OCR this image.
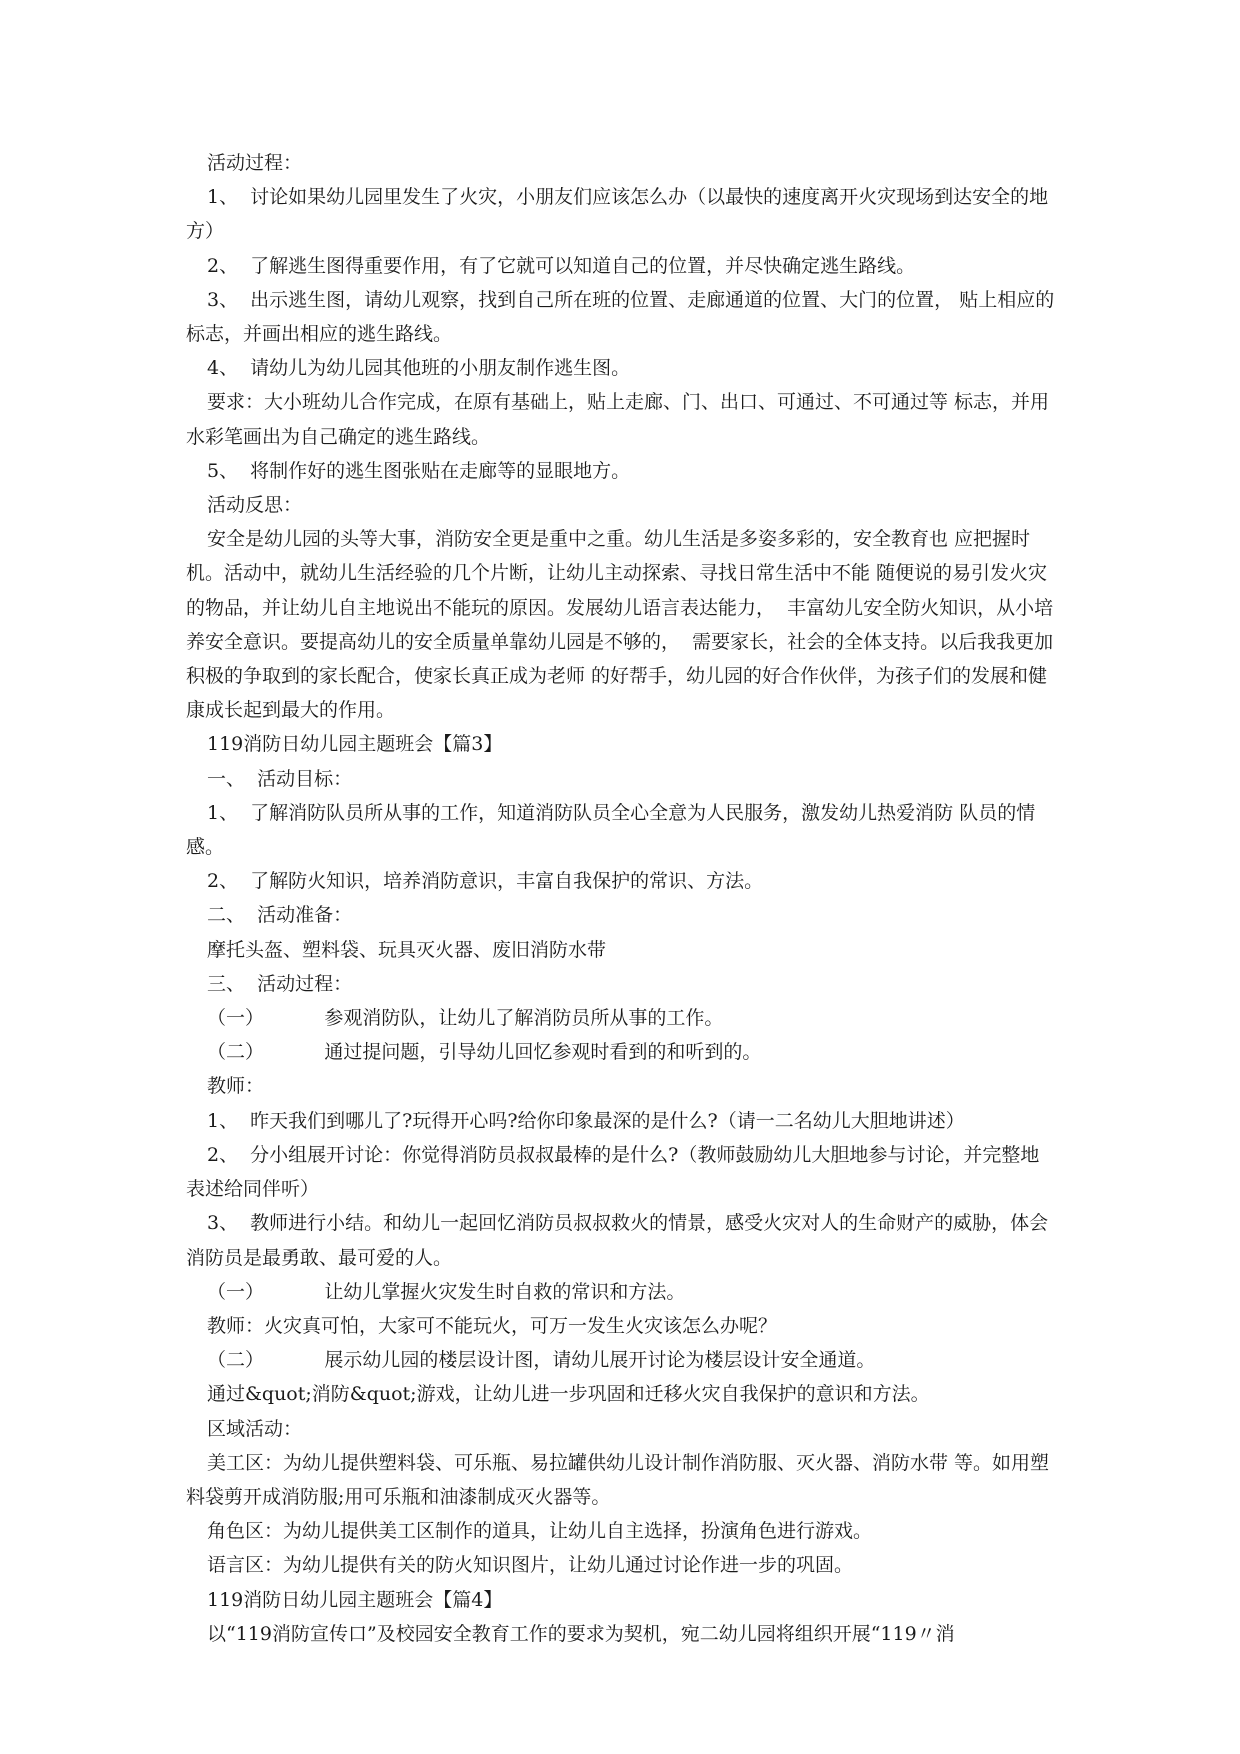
活动过程：

1、  讨论如果幼儿园里发生了火灾，小朋友们应该怎么办（以最快的速度离开火灾现场到达安全的地方）

2、  了解逃生图得重要作用，有了它就可以知道自己的位置，并尽快确定逃生路线。

3、  出示逃生图，请幼儿观察，找到自己所在班的位置、走廊通道的位置、大门的位置， 贴上相应的标志，并画出相应的逃生路线。

4、  请幼儿为幼儿园其他班的小朋友制作逃生图。

要求：大小班幼儿合作完成，在原有基础上，贴上走廊、门、出口、可通过、不可通过等 标志，并用水彩笔画出为自己确定的逃生路线。

5、  将制作好的逃生图张贴在走廊等的显眼地方。

活动反思：

安全是幼儿园的头等大事，消防安全更是重中之重。幼儿生活是多姿多彩的，安全教育也 应把握时机。活动中，就幼儿生活经验的几个片断，让幼儿主动探索、寻找日常生活中不能 随便说的易引发火灾的物品，并让幼儿自主地说出不能玩的原因。发展幼儿语言表达能力，  丰富幼儿安全防火知识，从小培养安全意识。要提高幼儿的安全质量单靠幼儿园是不够的，  需要家长，社会的全体支持。以后我我更加积极的争取到的家长配合，使家长真正成为老师 的好帮手，幼儿园的好合作伙伴，为孩子们的发展和健康成长起到最大的作用。

119消防日幼儿园主题班会【篇3】

一、  活动目标：

1、  了解消防队员所从事的工作，知道消防队员全心全意为人民服务，激发幼儿热爱消防 队员的情感。

2、  了解防火知识，培养消防意识，丰富自我保护的常识、方法。

二、  活动准备：

摩托头盔、塑料袋、玩具灭火器、废旧消防水带

三、  活动过程：

（一）          参观消防队，让幼儿了解消防员所从事的工作。

（二）          通过提问题，引导幼儿回忆参观时看到的和听到的。

教师：

1、  昨天我们到哪儿了?玩得开心吗?给你印象最深的是什么?（请一二名幼儿大胆地讲述）

2、  分小组展开讨论：你觉得消防员叔叔最棒的是什么?（教师鼓励幼儿大胆地参与讨论，并完整地表述给同伴听）

3、  教师进行小结。和幼儿一起回忆消防员叔叔救火的情景，感受火灾对人的生命财产的威胁，体会消防员是最勇敢、最可爱的人。

（一）          让幼儿掌握火灾发生时自救的常识和方法。

教师：火灾真可怕，大家可不能玩火，可万一发生火灾该怎么办呢？

（二）          展示幼儿园的楼层设计图，请幼儿展开讨论为楼层设计安全通道。

通过&quot;消防&quot;游戏，让幼儿进一步巩固和迁移火灾自我保护的意识和方法。

区域活动：

美工区：为幼儿提供塑料袋、可乐瓶、易拉罐供幼儿设计制作消防服、灭火器、消防水带 等。如用塑料袋剪开成消防服;用可乐瓶和油漆制成灭火器等。

角色区：为幼儿提供美工区制作的道具，让幼儿自主选择，扮演角色进行游戏。

语言区：为幼儿提供有关的防火知识图片，让幼儿通过讨论作进一步的巩固。

119消防日幼儿园主题班会【篇4】

以“119消防宣传口”及校园安全教育工作的要求为契机，宛二幼儿园将组织开展“119〃消
